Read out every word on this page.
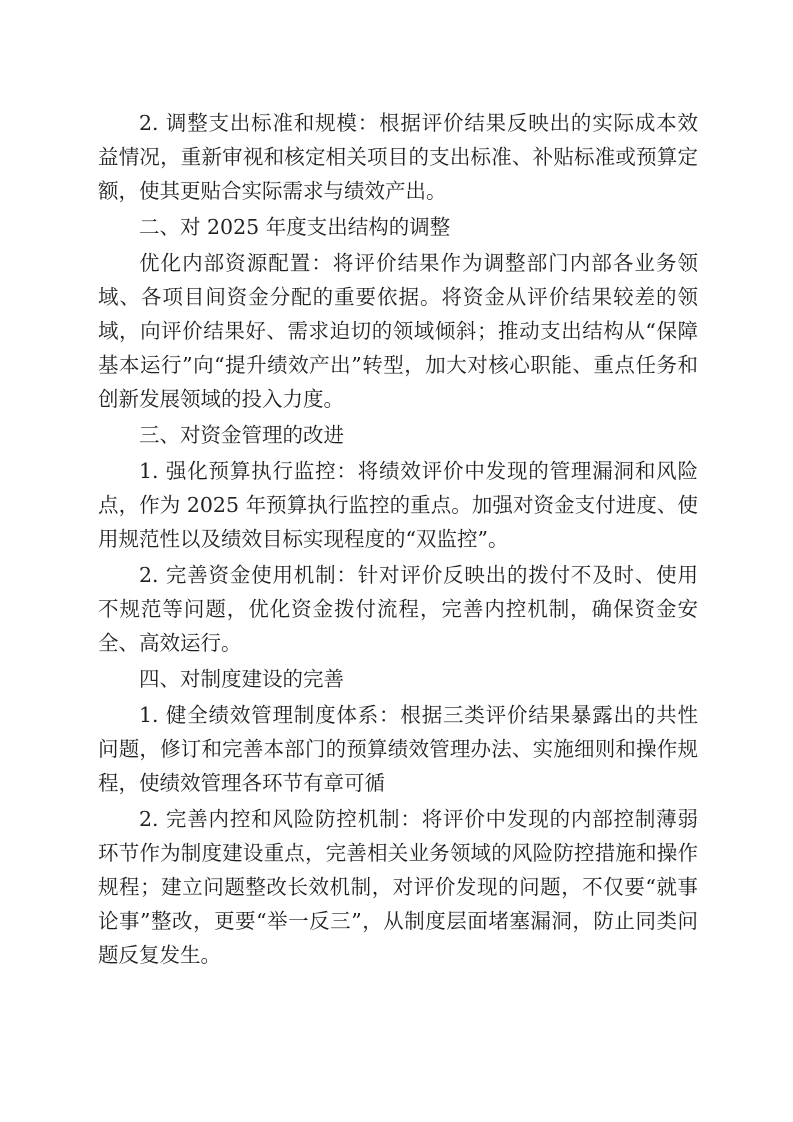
2. 调整支出标准和规模：根据评价结果反映出的实际成本效益情况，重新审视和核定相关项目的支出标准、补贴标准或预算定额，使其更贴合实际需求与绩效产出。

二、对 2025 年度支出结构的调整

优化内部资源配置：将评价结果作为调整部门内部各业务领域、各项目间资金分配的重要依据。将资金从评价结果较差的领域，向评价结果好、需求迫切的领域倾斜；推动支出结构从“保障基本运行”向“提升绩效产出”转型，加大对核心职能、重点任务和创新发展领域的投入力度。

三、对资金管理的改进

1. 强化预算执行监控：将绩效评价中发现的管理漏洞和风险点，作为 2025 年预算执行监控的重点。加强对资金支付进度、使用规范性以及绩效目标实现程度的“双监控”。

2. 完善资金使用机制：针对评价反映出的拨付不及时、使用不规范等问题，优化资金拨付流程，完善内控机制，确保资金安全、高效运行。

四、对制度建设的完善

1. 健全绩效管理制度体系：根据三类评价结果暴露出的共性问题，修订和完善本部门的预算绩效管理办法、实施细则和操作规程，使绩效管理各环节有章可循

2. 完善内控和风险防控机制：将评价中发现的内部控制薄弱环节作为制度建设重点，完善相关业务领域的风险防控措施和操作规程；建立问题整改长效机制，对评价发现的问题，不仅要“就事论事”整改，更要“举一反三”，从制度层面堵塞漏洞，防止同类问题反复发生。
